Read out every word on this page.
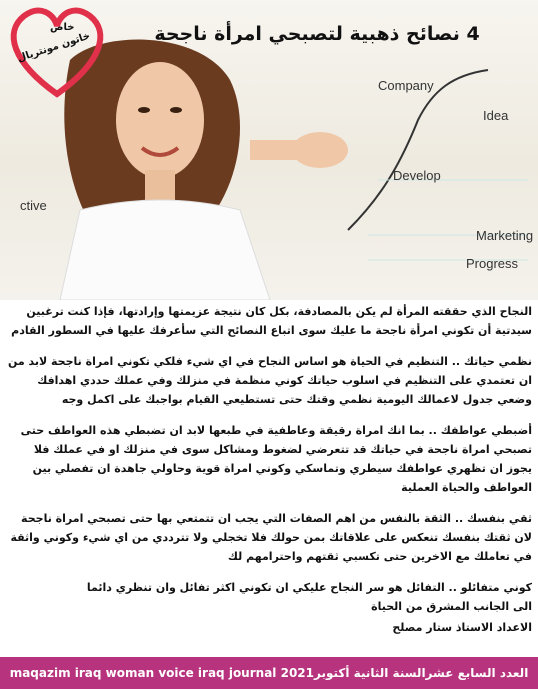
4 نصائح ذهبية لتصبحي امرأة ناجحة
خاص
خاتون مونتريال
Company
Idea
Develop
Marketing
Progress
ctive

النجاح الذي حققته المرأة لم يكن بالمصادفة، بكل كان نتيجة عزيمتها وإرادتها، فإذا كنت ترغبين سيدتية أن تكوني امرأة ناجحة ما عليك سوى اتباع النصائح التي سأعرفك عليها في السطور القادم

نظمي حياتك .. التنظيم في الحياة هو اساس النجاح في اي شيء فلكي تكوني امراة ناجحة لابد من ان تعتمدي على التنظيم في اسلوب حياتك كوني منظمة في منزلك وفي عملك حددي اهدافك وضعي جدول لاعمالك اليومية نظمي وقتك حتى تستطيعي القيام بواجبك على اكمل وجه

أضبطي عواطفك .. بما انك امراة رقيقة وعاطفية في طبعها لابد ان تضبطي هذه العواطف حتى تصبحي امراة ناجحة في حياتك قد تتعرضي لضغوط ومشاكل سوى في منزلك او في عملك فلا يجوز ان تظهري عواطفك سيطري وتماسكي وكوني امراة قوية وحاولي جاهدة ان تفصلي بين العواطف والحياة العملية

ثقي بنفسك .. الثقة بالنفس من اهم الصفات التي يجب ان تتمتعي بها حتى تصبحي امراة ناجحة لان ثقتك بنفسك تنعكس على علاقاتك بمن حولك فلا تخجلي ولا تترددي من اي شيء وكوني واثقة في تعاملك مع الاخرين حتى تكسبي ثقتهم واحترامهم لك

كوني متفائلو .. التفائل هو سر النجاح عليكي ان تكوني اكثر تفائل وان تنظري دائما

الى الجانب المشرق من الحياة

الاعداد الاستاذ ستار مصلح

العدد السابع عشرالسنة الثانية أكتوبر2021 maqazim iraq woman voice iraq journal
